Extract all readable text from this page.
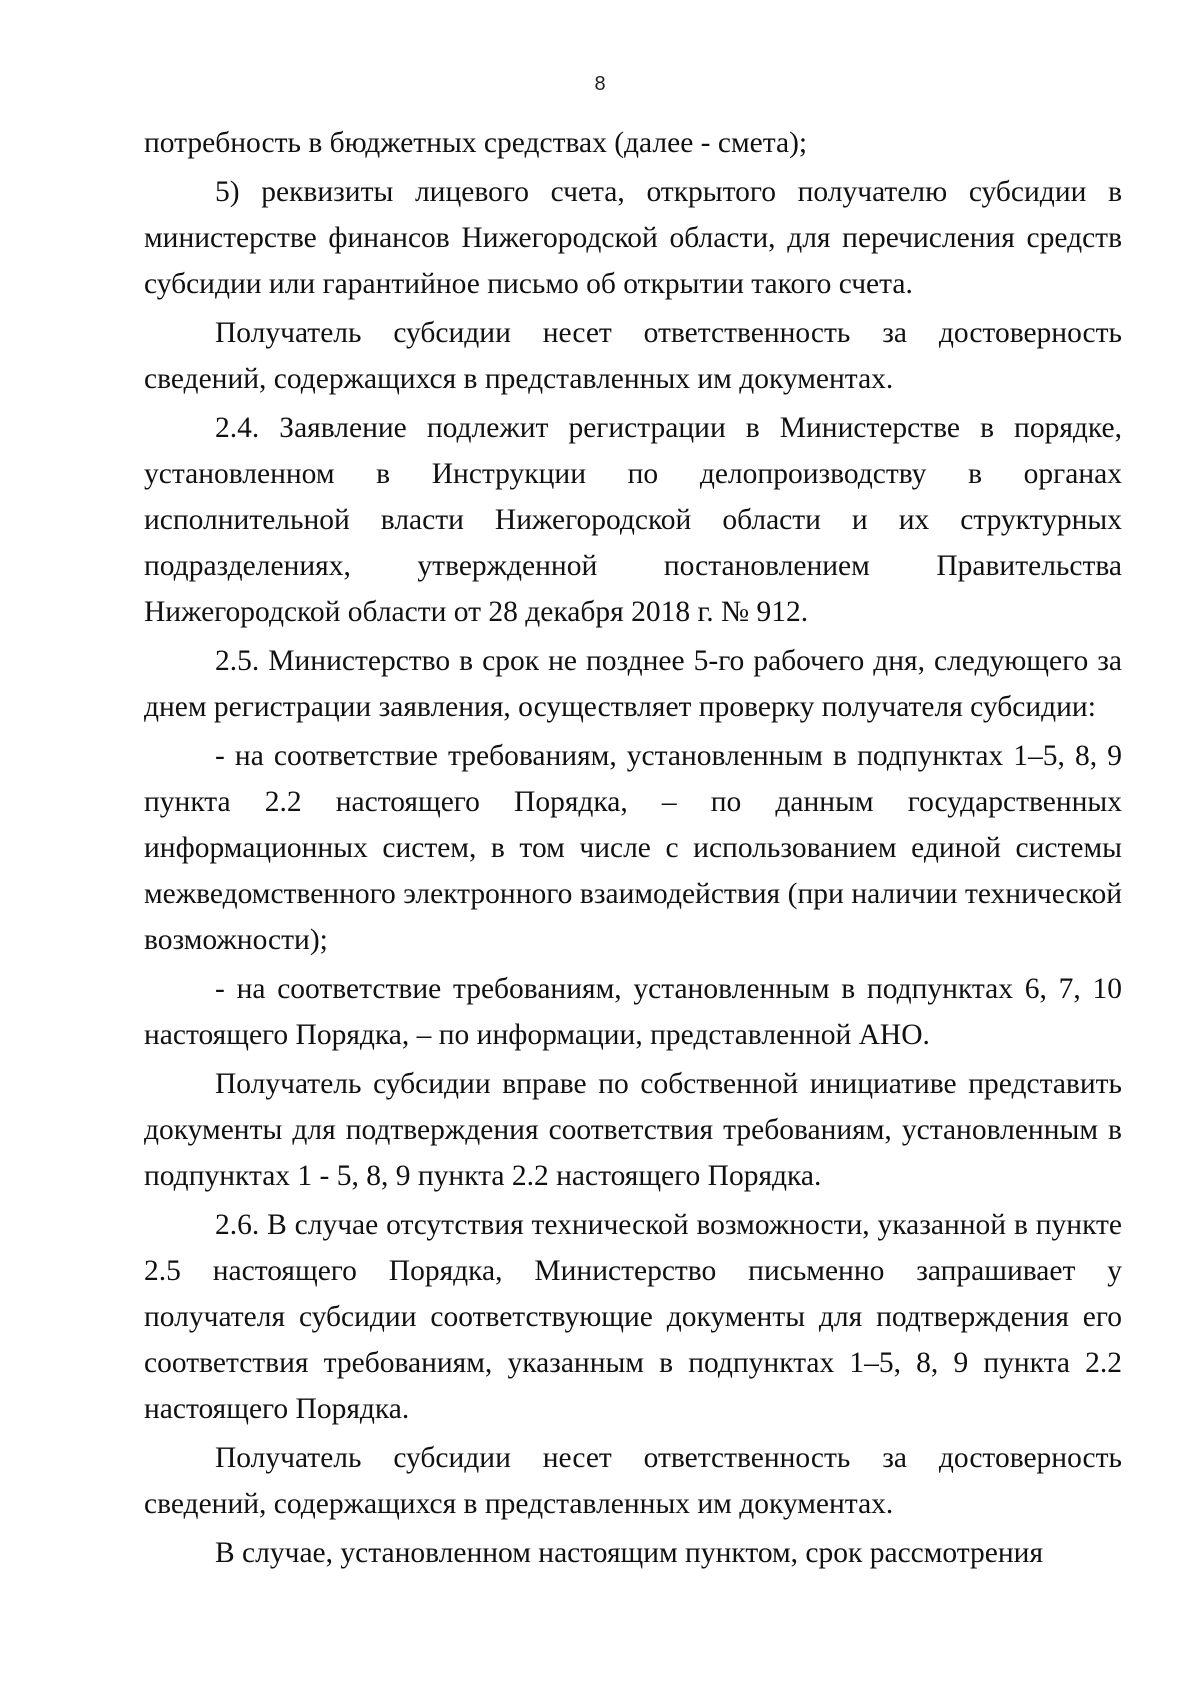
8

потребность в бюджетных средствах (далее - смета);

5) реквизиты лицевого счета, открытого получателю субсидии в министерстве финансов Нижегородской области, для перечисления средств субсидии или гарантийное письмо об открытии такого счета.

Получатель субсидии несет ответственность за достоверность сведений, содержащихся в представленных им документах.

2.4. Заявление подлежит регистрации в Министерстве в порядке, установленном в Инструкции по делопроизводству в органах исполнительной власти Нижегородской области и их структурных подразделениях, утвержденной постановлением Правительства Нижегородской области от 28 декабря 2018 г. № 912.

2.5. Министерство в срок не позднее 5-го рабочего дня, следующего за днем регистрации заявления, осуществляет проверку получателя субсидии:

- на соответствие требованиям, установленным в подпунктах 1–5, 8, 9 пункта 2.2 настоящего Порядка, – по данным государственных информационных систем, в том числе с использованием единой системы межведомственного электронного взаимодействия (при наличии технической возможности);

- на соответствие требованиям, установленным в подпунктах 6, 7, 10 настоящего Порядка, – по информации, представленной АНО.

Получатель субсидии вправе по собственной инициативе представить документы для подтверждения соответствия требованиям, установленным в подпунктах 1 - 5, 8, 9 пункта 2.2 настоящего Порядка.

2.6. В случае отсутствия технической возможности, указанной в пункте 2.5 настоящего Порядка, Министерство письменно запрашивает у получателя субсидии соответствующие документы для подтверждения его соответствия требованиям, указанным в подпунктах 1–5, 8, 9 пункта 2.2 настоящего Порядка.

Получатель субсидии несет ответственность за достоверность сведений, содержащихся в представленных им документах.

В случае, установленном настоящим пунктом, срок рассмотрения
